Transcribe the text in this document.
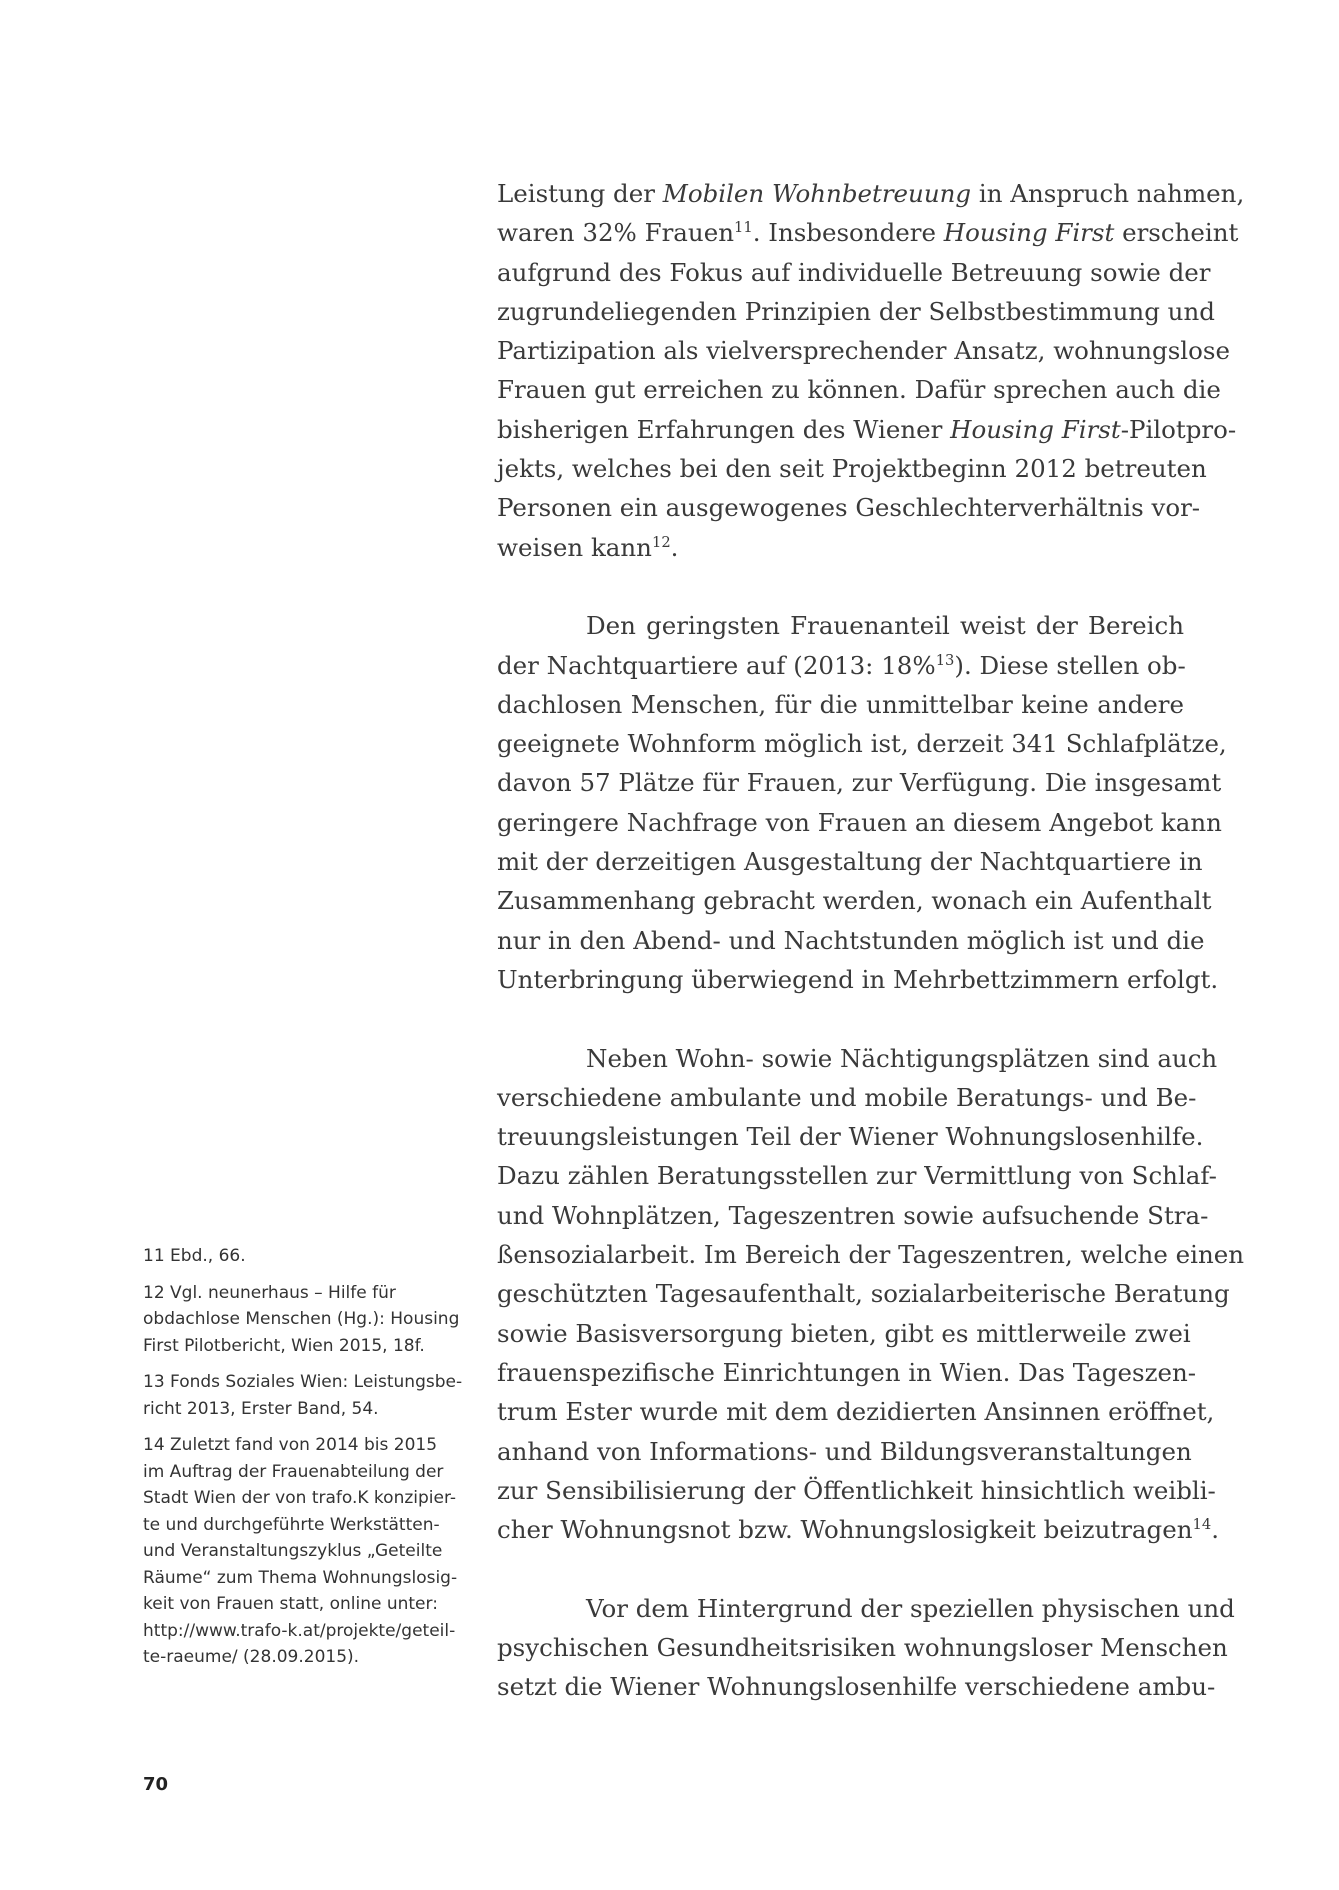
Leistung der Mobilen Wohnbetreuung in Anspruch nahmen,
waren 32% Frauen$^{11}$. Insbesondere Housing First erscheint
aufgrund des Fokus auf individuelle Betreuung sowie der
zugrundeliegenden Prinzipien der Selbstbestimmung und
Partizipation als vielversprechender Ansatz, wohnungslose
Frauen gut erreichen zu können. Dafür sprechen auch die
bisherigen Erfahrungen des Wiener Housing First-Pilotpro-
jekts, welches bei den seit Projektbeginn 2012 betreuten
Personen ein ausgewogenes Geschlechterverhältnis vor-
weisen kann$^{12}$.
Den geringsten Frauenanteil weist der Bereich
der Nachtquartiere auf (2013: 18%$^{13}$). Diese stellen ob-
dachlosen Menschen, für die unmittelbar keine andere
geeignete Wohnform möglich ist, derzeit 341 Schlafplätze,
davon 57 Plätze für Frauen, zur Verfügung. Die insgesamt
geringere Nachfrage von Frauen an diesem Angebot kann
mit der derzeitigen Ausgestaltung der Nachtquartiere in
Zusammenhang gebracht werden, wonach ein Aufenthalt
nur in den Abend- und Nachtstunden möglich ist und die
Unterbringung überwiegend in Mehrbettzimmern erfolgt.
Neben Wohn- sowie Nächtigungsplätzen sind auch
verschiedene ambulante und mobile Beratungs- und Be-
treuungsleistungen Teil der Wiener Wohnungslosenhilfe.
Dazu zählen Beratungsstellen zur Vermittlung von Schlaf-
und Wohnplätzen, Tageszentren sowie aufsuchende Stra-
ßensozialarbeit. Im Bereich der Tageszentren, welche einen
geschützten Tagesaufenthalt, sozialarbeiterische Beratung
sowie Basisversorgung bieten, gibt es mittlerweile zwei
frauenspezifische Einrichtungen in Wien. Das Tageszen-
trum Ester wurde mit dem dezidierten Ansinnen eröffnet,
anhand von Informations- und Bildungsveranstaltungen
zur Sensibilisierung der Öffentlichkeit hinsichtlich weibli-
cher Wohnungsnot bzw. Wohnungslosigkeit beizutragen$^{14}$.
Vor dem Hintergrund der speziellen physischen und
psychischen Gesundheitsrisiken wohnungsloser Menschen
setzt die Wiener Wohnungslosenhilfe verschiedene ambu-
11 Ebd., 66.
12 Vgl. neunerhaus – Hilfe für
obdachlose Menschen (Hg.): Housing
First Pilotbericht, Wien 2015, 18f.
13 Fonds Soziales Wien: Leistungsbe-
richt 2013, Erster Band, 54.
14 Zuletzt fand von 2014 bis 2015
im Auftrag der Frauenabteilung der
Stadt Wien der von trafo.K konzipier-
te und durchgeführte Werkstätten-
und Veranstaltungszyklus „Geteilte
Räume“ zum Thema Wohnungslosig-
keit von Frauen statt, online unter:
http://www.trafo-k.at/projekte/geteil-
te-raeume/ (28.09.2015).
70
